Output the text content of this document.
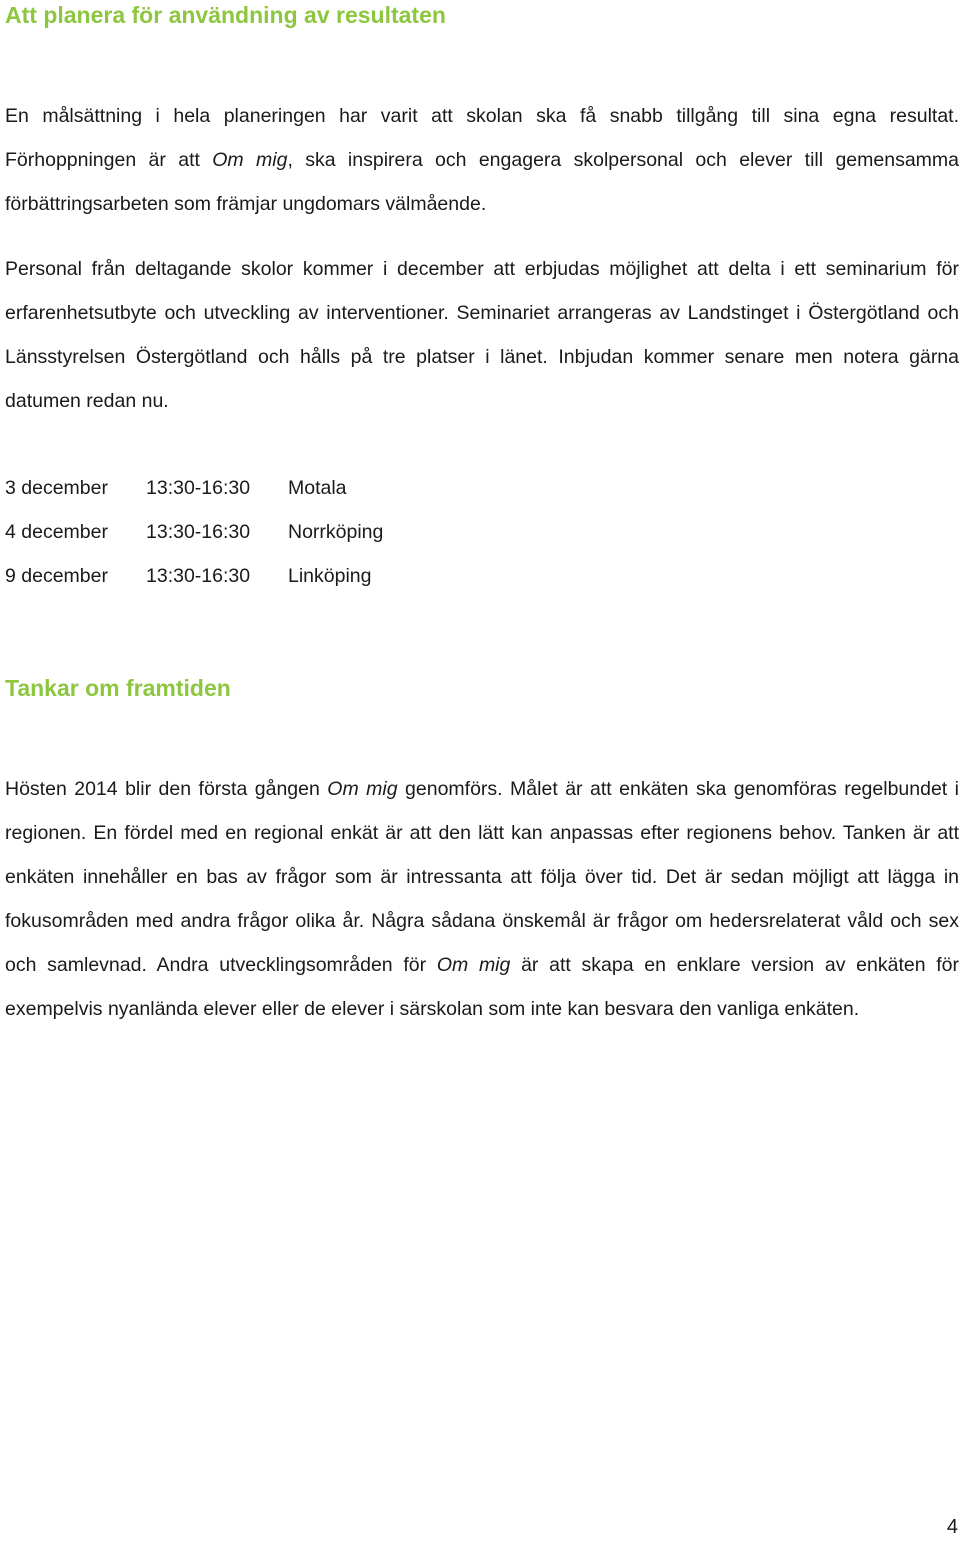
Att planera för användning av resultaten

En målsättning i hela planeringen har varit att skolan ska få snabb tillgång till sina egna resultat. Förhoppningen är att Om mig, ska inspirera och engagera skolpersonal och elever till gemensamma förbättringsarbeten som främjar ungdomars välmående.

Personal från deltagande skolor kommer i december att erbjudas möjlighet att delta i ett seminarium för erfarenhetsutbyte och utveckling av interventioner. Seminariet arrangeras av Landstinget i Östergötland och Länsstyrelsen Östergötland och hålls på tre platser i länet. Inbjudan kommer senare men notera gärna datumen redan nu.

3 december	13:30-16:30	Motala
4 december	13:30-16:30	Norrköping
9 december	13:30-16:30	Linköping
Tankar om framtiden

Hösten 2014 blir den första gången Om mig genomförs. Målet är att enkäten ska genomföras regelbundet i regionen. En fördel med en regional enkät är att den lätt kan anpassas efter regionens behov. Tanken är att enkäten innehåller en bas av frågor som är intressanta att följa över tid. Det är sedan möjligt att lägga in fokusområden med andra frågor olika år. Några sådana önskemål är frågor om hedersrelaterat våld och sex och samlevnad. Andra utvecklingsområden för Om mig är att skapa en enklare version av enkäten för exempelvis nyanlända elever eller de elever i särskolan som inte kan besvara den vanliga enkäten.

4
